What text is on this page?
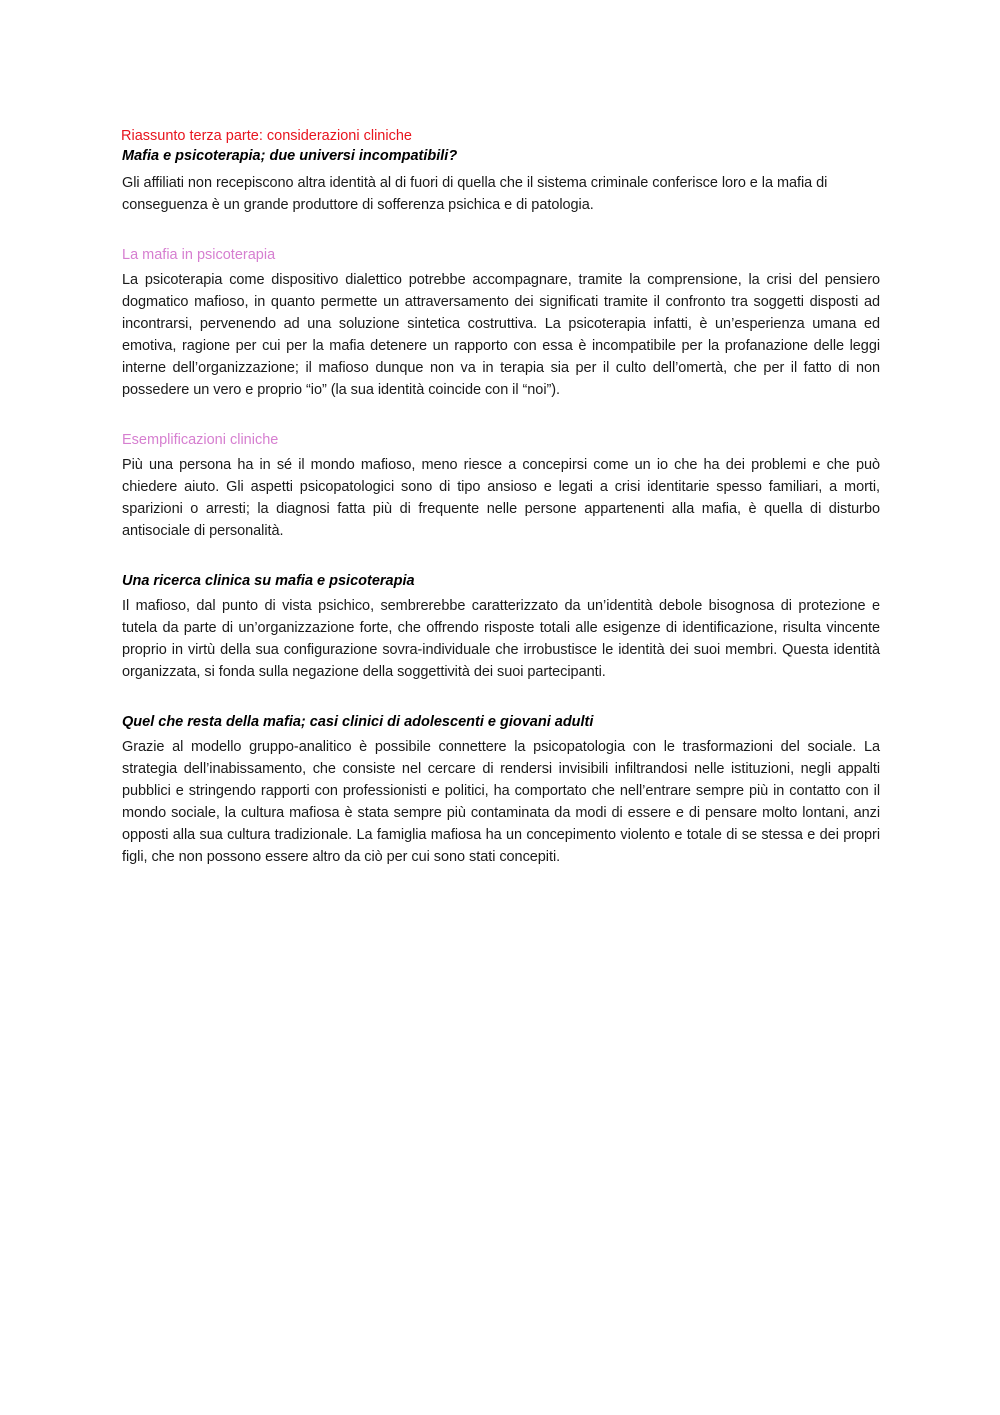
Riassunto terza parte: considerazioni cliniche
Mafia e psicoterapia; due universi incompatibili?

Gli affiliati non recepiscono altra identità al di fuori di quella che il sistema criminale conferisce loro e la mafia di conseguenza è un grande produttore di sofferenza psichica e di patologia.

La mafia in psicoterapia

La psicoterapia come dispositivo dialettico potrebbe accompagnare, tramite la comprensione, la crisi del pensiero dogmatico mafioso, in quanto permette un attraversamento dei significati tramite il confronto tra soggetti disposti ad incontrarsi, pervenendo ad una soluzione sintetica costruttiva. La psicoterapia infatti, è un’esperienza umana ed emotiva, ragione per cui per la mafia detenere un rapporto con essa è incompatibile per la profanazione delle leggi interne dell’organizzazione; il mafioso dunque non va in terapia sia per il culto dell’omertà, che per il fatto di non possedere un vero e proprio “io” (la sua identità coincide con il “noi”).

Esemplificazioni cliniche

Più una persona ha in sé il mondo mafioso, meno riesce a concepirsi come un io che ha dei problemi e che può chiedere aiuto. Gli aspetti psicopatologici sono di tipo ansioso e legati a crisi identitarie spesso familiari, a morti, sparizioni o arresti; la diagnosi fatta più di frequente nelle persone appartenenti alla mafia, è quella di disturbo antisociale di personalità.

Una ricerca clinica su mafia e psicoterapia

Il mafioso, dal punto di vista psichico, sembrerebbe caratterizzato da un’identità debole bisognosa di protezione e tutela da parte di un’organizzazione forte, che offrendo risposte totali alle esigenze di identificazione, risulta vincente proprio in virtù della sua configurazione sovra-individuale che irrobustisce le identità dei suoi membri. Questa identità organizzata, si fonda sulla negazione della soggettività dei suoi partecipanti.

Quel che resta della mafia; casi clinici di adolescenti e giovani adulti

Grazie al modello gruppo-analitico è possibile connettere la psicopatologia con le trasformazioni del sociale. La strategia dell’inabissamento, che consiste nel cercare di rendersi invisibili infiltrandosi nelle istituzioni, negli appalti pubblici e stringendo rapporti con professionisti e politici, ha comportato che nell’entrare sempre più in contatto con il mondo sociale, la cultura mafiosa è stata sempre più contaminata da modi di essere e di pensare molto lontani, anzi opposti alla sua cultura tradizionale. La famiglia mafiosa ha un concepimento violento e totale di se stessa e dei propri figli, che non possono essere altro da ciò per cui sono stati concepiti.
